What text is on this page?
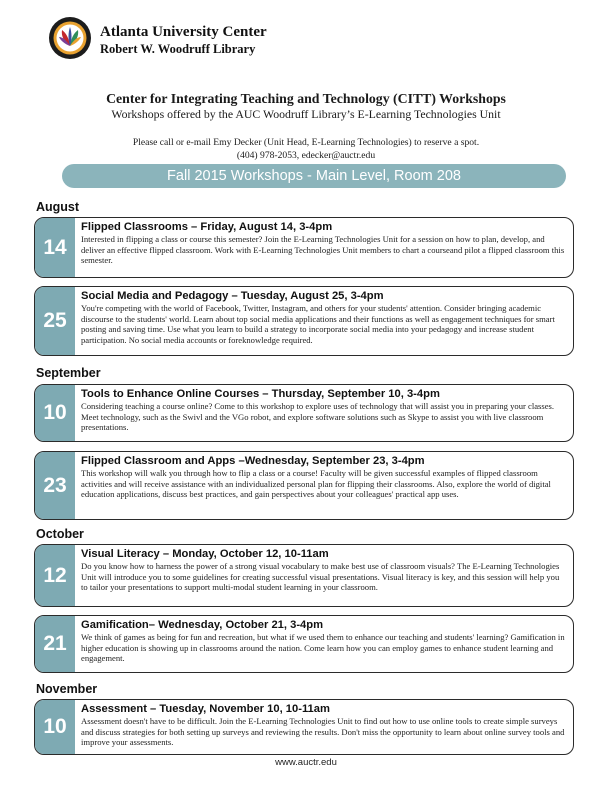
Atlanta University Center
Robert W. Woodruff Library
Center for Integrating Teaching and Technology (CITT) Workshops
Workshops offered by the AUC Woodruff Library’s E-Learning Technologies Unit
Please call or e-mail Emy Decker (Unit Head, E-Learning Technologies) to reserve a spot.
(404) 978-2053, edecker@auctr.edu
Fall 2015 Workshops - Main Level, Room 208
August
14
Flipped Classrooms – Friday, August 14, 3-4pm
Interested in flipping a class or course this semester? Join the E-Learning Technologies Unit for a session on how to plan, develop, and deliver an effective flipped classroom. Work with E-Learning Technologies Unit members to chart a courseand pilot a flipped classroom this semester.
25
Social Media and Pedagogy – Tuesday, August 25, 3-4pm
You're competing with the world of Facebook, Twitter, Instagram, and others for your students' attention. Consider bringing academic discourse to the students' world. Learn about top social media applications and their functions as well as engagement techniques for smart posting and saving time. Use what you learn to build a strategy to incorporate social media into your pedagogy and increase student participation. No social media accounts or foreknowledge required.
September
10
Tools to Enhance Online Courses – Thursday, September 10, 3-4pm
Considering teaching a course online? Come to this workshop to explore uses of technology that will assist you in preparing your classes. Meet technology, such as the Swivl and the VGo robot, and explore software solutions such as Skype to assist you with live classroom presentations.
23
Flipped Classroom and Apps –Wednesday, September 23, 3-4pm
This workshop will walk you through how to flip a class or a course! Faculty will be given successful examples of flipped classroom activities and will receive assistance with an individualized personal plan for flipping their classrooms. Also, explore the world of digital education applications, discuss best practices, and gain perspectives about your colleagues' practical app uses.
October
12
Visual Literacy – Monday, October 12, 10-11am
Do you know how to harness the power of a strong visual vocabulary to make best use of classroom visuals? The E-Learning Technologies Unit will introduce you to some guidelines for creating successful visual presentations. Visual literacy is key, and this session will help you to tailor your presentations to support multi-modal student learning in your classroom.
21
Gamification– Wednesday, October 21, 3-4pm
We think of games as being for fun and recreation, but what if we used them to enhance our teaching and students' learning? Gamification in higher education is showing up in classrooms around the nation. Come learn how you can employ games to enhance student learning and engagement.
November
10
Assessment – Tuesday, November 10, 10-11am
Assessment doesn't have to be difficult. Join the E-Learning Technologies Unit to find out how to use online tools to create simple surveys and discuss strategies for both setting up surveys and reviewing the results. Don't miss the opportunity to learn about online survey tools and improve your assessments.
www.auctr.edu
